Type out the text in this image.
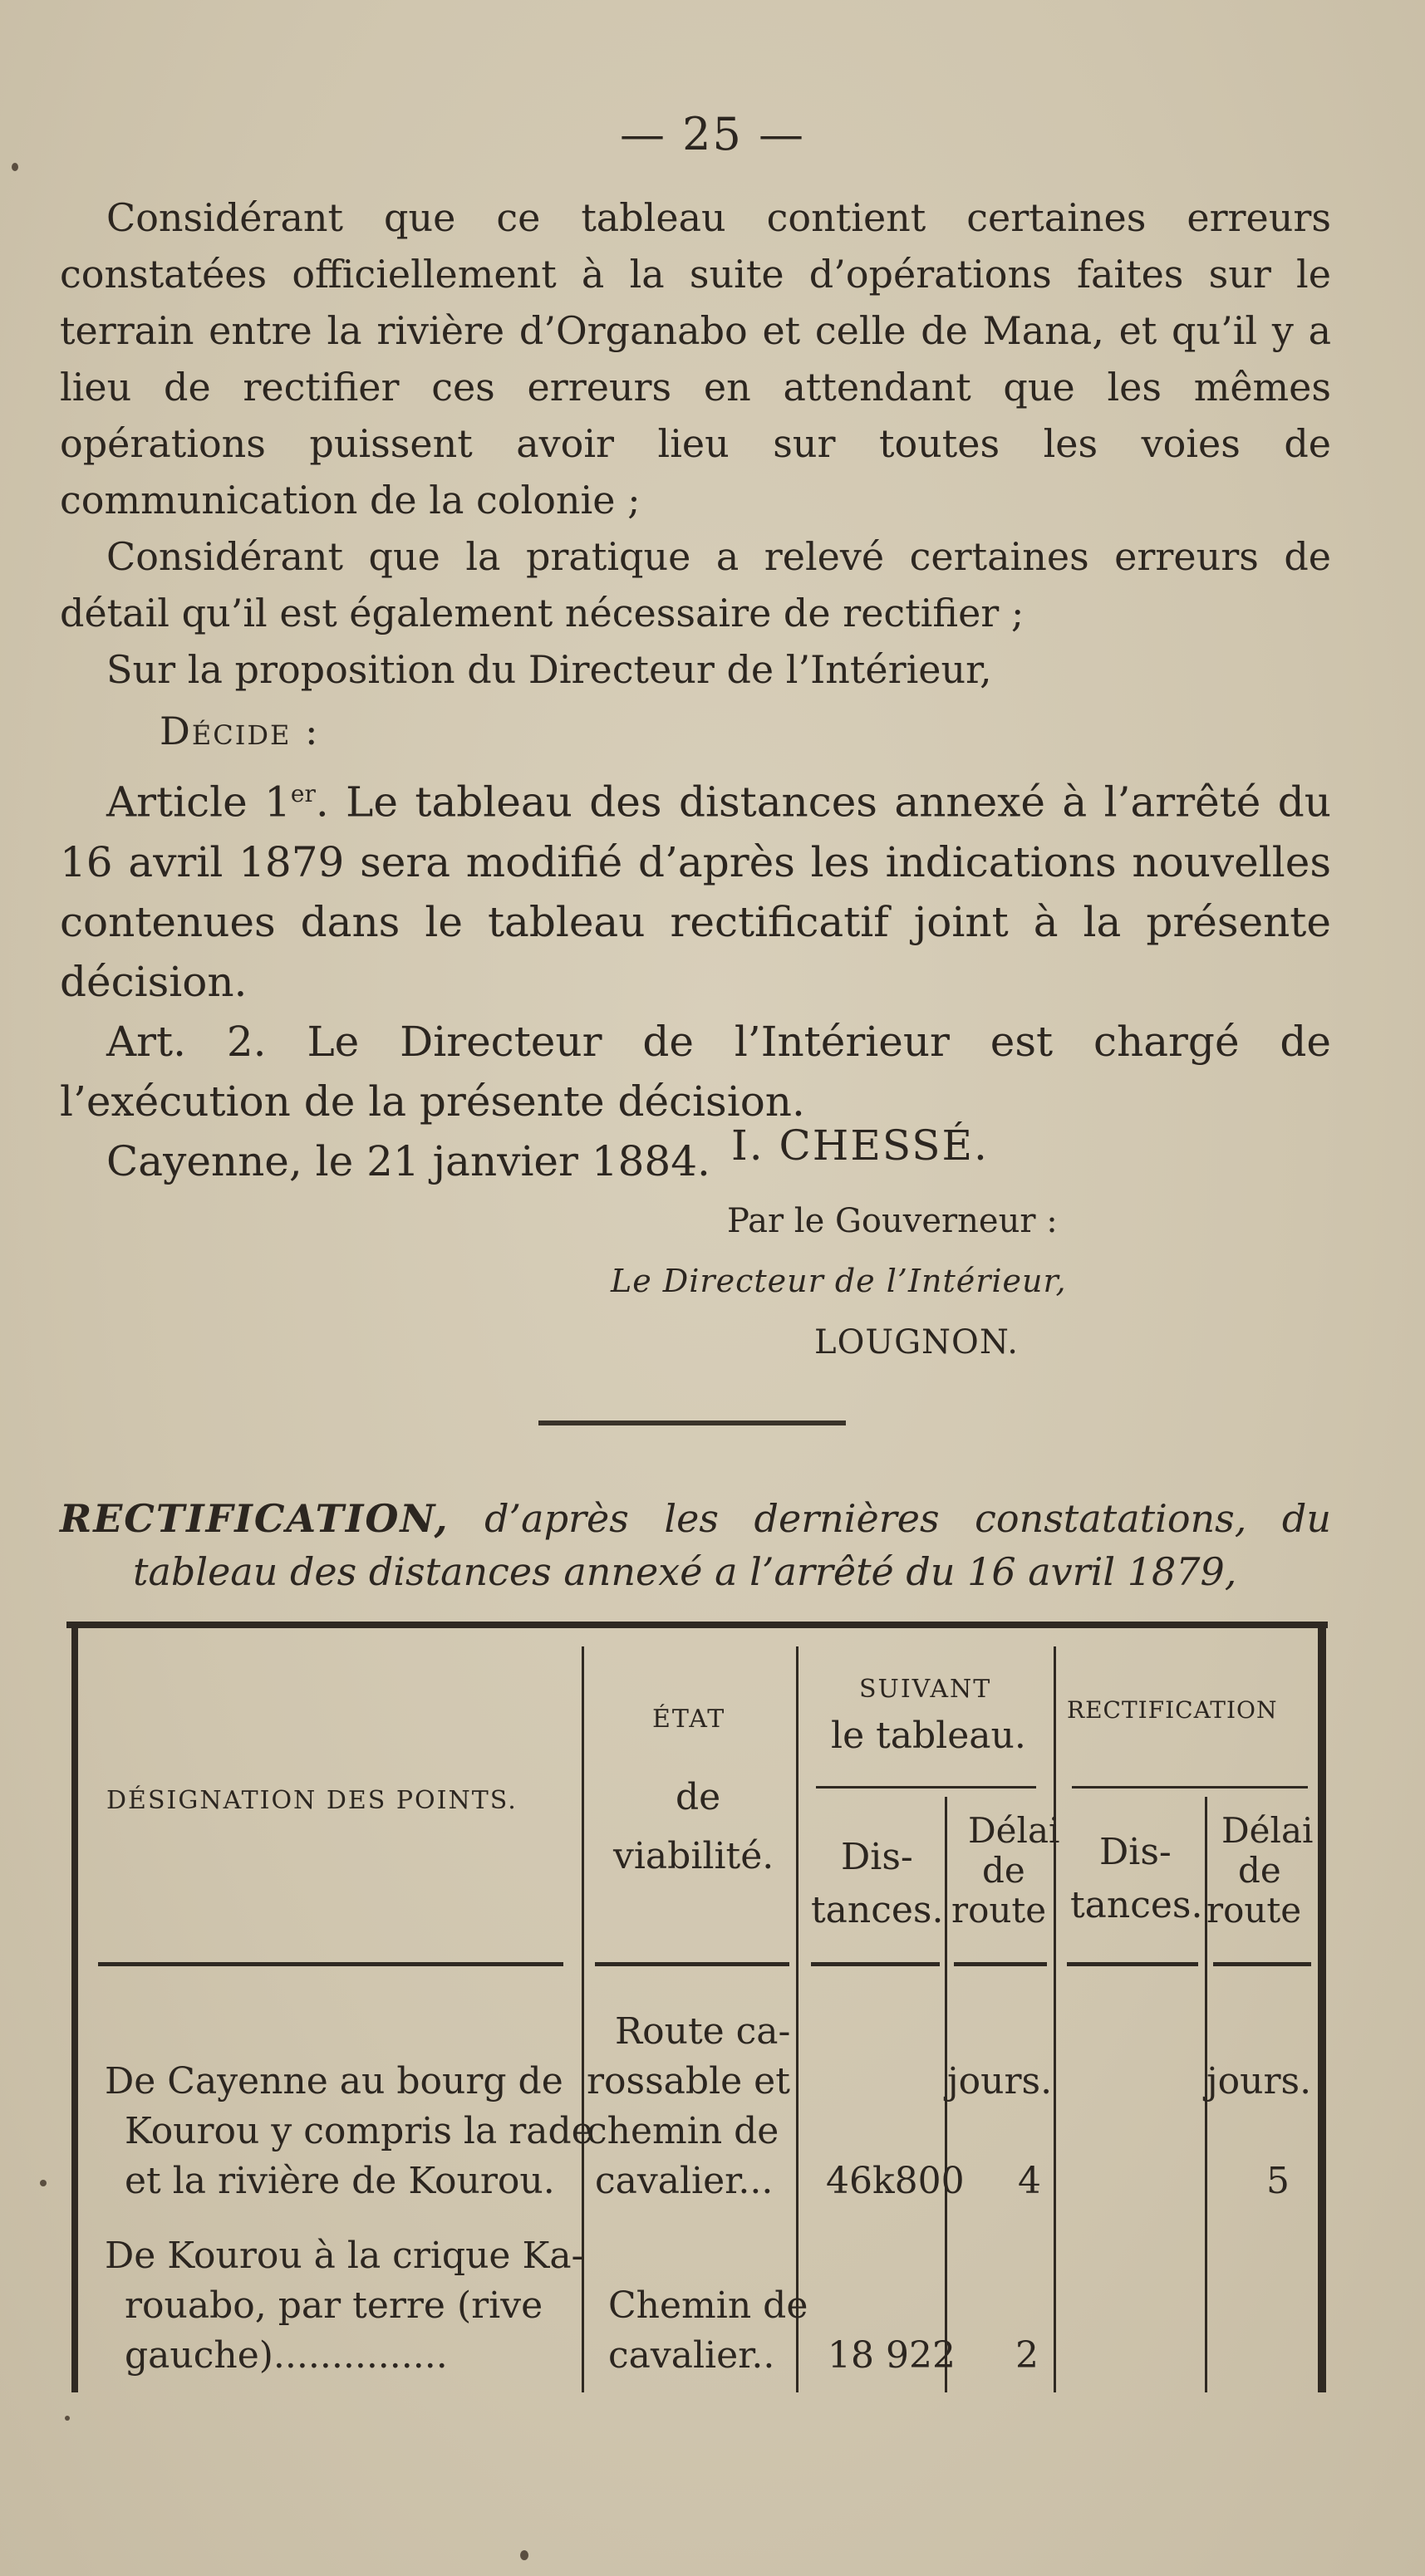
— 25 —

Considérant que ce tableau contient certaines erreurs constatées officiellement à la suite d’opérations faites sur le terrain entre la rivière d’Organabo et celle de Mana, et qu’il y a lieu de rectifier ces erreurs en attendant que les mêmes opérations puissent avoir lieu sur toutes les voies de communication de la colonie ;

Considérant que la pratique a relevé certaines erreurs de détail qu’il est également nécessaire de rectifier ;

Sur la proposition du Directeur de l’Intérieur,

Décide :

Article 1er. Le tableau des distances annexé à l’arrêté du 16 avril 1879 sera modifié d’après les indications nouvelles contenues dans le tableau rectificatif joint à la présente décision.

Art. 2. Le Directeur de l’Intérieur est chargé de l’exécution de la présente décision.

Cayenne, le 21 janvier 1884. I. CHESSÉ.
Par le Gouverneur :
Le Directeur de l’Intérieur,
LOUGNON.
RECTIFICATION, d’après les dernières constatations, du
tableau des distances annexé a l’arrêté du 16 avril 1879,
DÉSIGNATION DES POINTS.
ÉTAT
de
viabilité.
SUIVANT
le tableau.
RECTIFICATION
Dis-
tances.
Délai
de
route
Dis-
tances.
Délai
de
route
De Cayenne au bourg de
Kourou y compris la rade
et la rivière de Kourou.
Route ca-
rossable et
chemin de
cavalier...
jours.	jours.
46k800 4	5
De Kourou à la crique Ka-
rouabo, par terre (rive
gauche)...............
Chemin de
cavalier.. 18 922 2
